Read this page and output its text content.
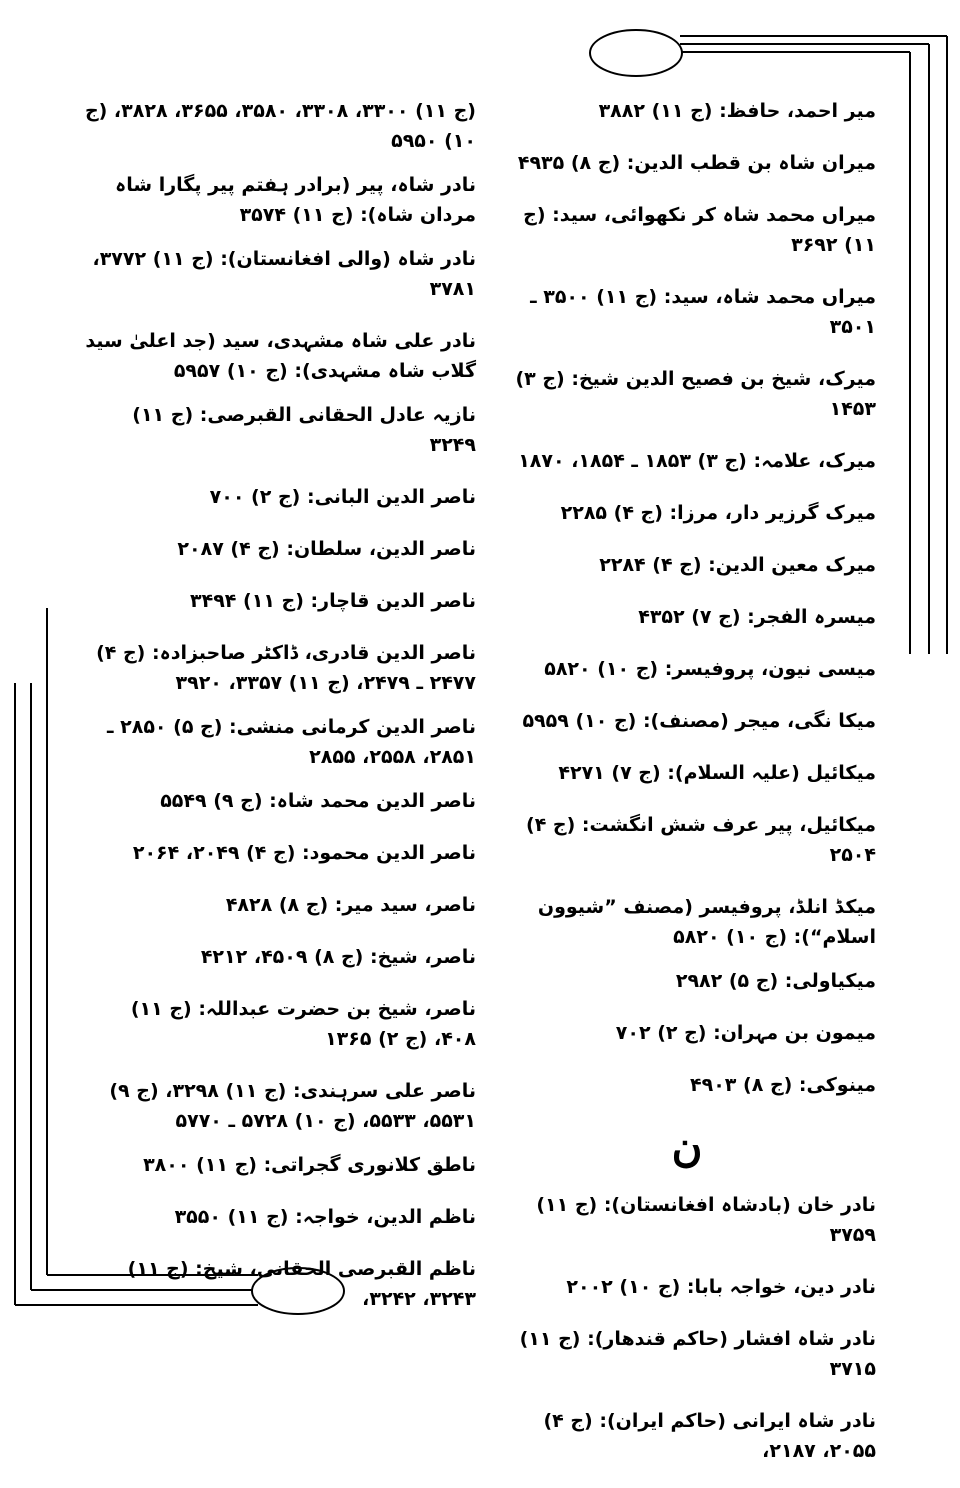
میر احمد، حافظ: (ج ۱۱) ۳۸۸۲
میران شاہ بن قطب الدین: (ج ۸) ۴۹۳۵
میراں محمد شاہ کر نکھوائی، سید: (ج ۱۱) ۳۶۹۲
میراں محمد شاہ، سید: (ج ۱۱) ۳۵۰۰ ـ ۳۵۰۱
میرک، شیخ بن فصیح الدین شیخ: (ج ۳) ۱۴۵۳
میرک، علامہ: (ج ۳) ۱۸۵۳ ـ ۱۸۵۴، ۱۸۷۰
میرک گرزیر دار، مرزا: (ج ۴) ۲۲۸۵
میرک معین الدین: (ج ۴) ۲۲۸۴
میسرہ الفجر: (ج ۷) ۴۳۵۲
میسی نیون، پروفیسر: (ج ۱۰) ۵۸۲۰
میکا نگی، میجر (مصنف): (ج ۱۰) ۵۹۵۹
میکائیل (علیہ السلام): (ج ۷) ۴۲۷۱
میکائیل، پیر عرف شش انگشت: (ج ۴) ۲۵۰۴
میکڈ انلڈ، پروفیسر (مصنف ”شیوون اسلام“): (ج ۱۰) ۵۸۲۰
میکیاولی: (ج ۵) ۲۹۸۲
میمون بن مہران: (ج ۲) ۷۰۲
مینوکی: (ج ۸) ۴۹۰۳
ن
نادر خان (بادشاہ افغانستان): (ج ۱۱) ۳۷۵۹
نادر دین، خواجہ بابا: (ج ۱۰) ۲۰۰۲
نادر شاہ افشار (حاکم قندھار): (ج ۱۱) ۳۷۱۵
نادر شاہ ایرانی (حاکم ایران): (ج ۴) ۲۰۵۵، ۲۱۸۷،
(ج ۱۱) ۳۳۰۰، ۳۳۰۸، ۳۵۸۰، ۳۶۵۵، ۳۸۲۸، (ج ۱۰) ۵۹۵۰
نادر شاہ، پیر (برادر ہفتم پیر پگارا شاہ مردان شاہ): (ج ۱۱) ۳۵۷۴
نادر شاہ (والی افغانستان): (ج ۱۱) ۳۷۷۲، ۳۷۸۱
نادر علی شاہ مشہدی، سید (جد اعلیٰ سید گلاب شاہ مشہدی): (ج ۱۰) ۵۹۵۷
نازیہ عادل الحقانی القبرصی: (ج ۱۱) ۳۲۴۹
ناصر الدین البانی: (ج ۲) ۷۰۰
ناصر الدین، سلطان: (ج ۴) ۲۰۸۷
ناصر الدین قاچار: (ج ۱۱) ۳۴۹۴
ناصر الدین قادری، ڈاکٹر صاحبزادہ: (ج ۴) ۲۴۷۷ ـ ۲۴۷۹، (ج ۱۱) ۳۳۵۷، ۳۹۲۰
ناصر الدین کرمانی منشی: (ج ۵) ۲۸۵۰ ـ ۲۸۵۱، ۲۵۵۸، ۲۸۵۵
ناصر الدین محمد شاہ: (ج ۹) ۵۵۴۹
ناصر الدین محمود: (ج ۴) ۲۰۴۹، ۲۰۶۴
ناصر، سید میر: (ج ۸) ۴۸۲۸
ناصر، شیخ: (ج ۸) ۴۵۰۹، ۴۲۱۲
ناصر، شیخ بن حضرت عبداللہ: (ج ۱۱) ۴۰۸، (ج ۲) ۱۳۶۵
ناصر علی سرہندی: (ج ۱۱) ۳۲۹۸، (ج ۹) ۵۵۳۱، ۵۵۳۳، (ج ۱۰) ۵۷۲۸ ـ ۵۷۷۰
ناطق کلانوری گجراتی: (ج ۱۱) ۳۸۰۰
ناظم الدین، خواجہ: (ج ۱۱) ۳۵۵۰
ناظم القبرصی الحقانی، شیخ: (ج ۱۱) ۳۲۴۳، ۳۲۴۲،
